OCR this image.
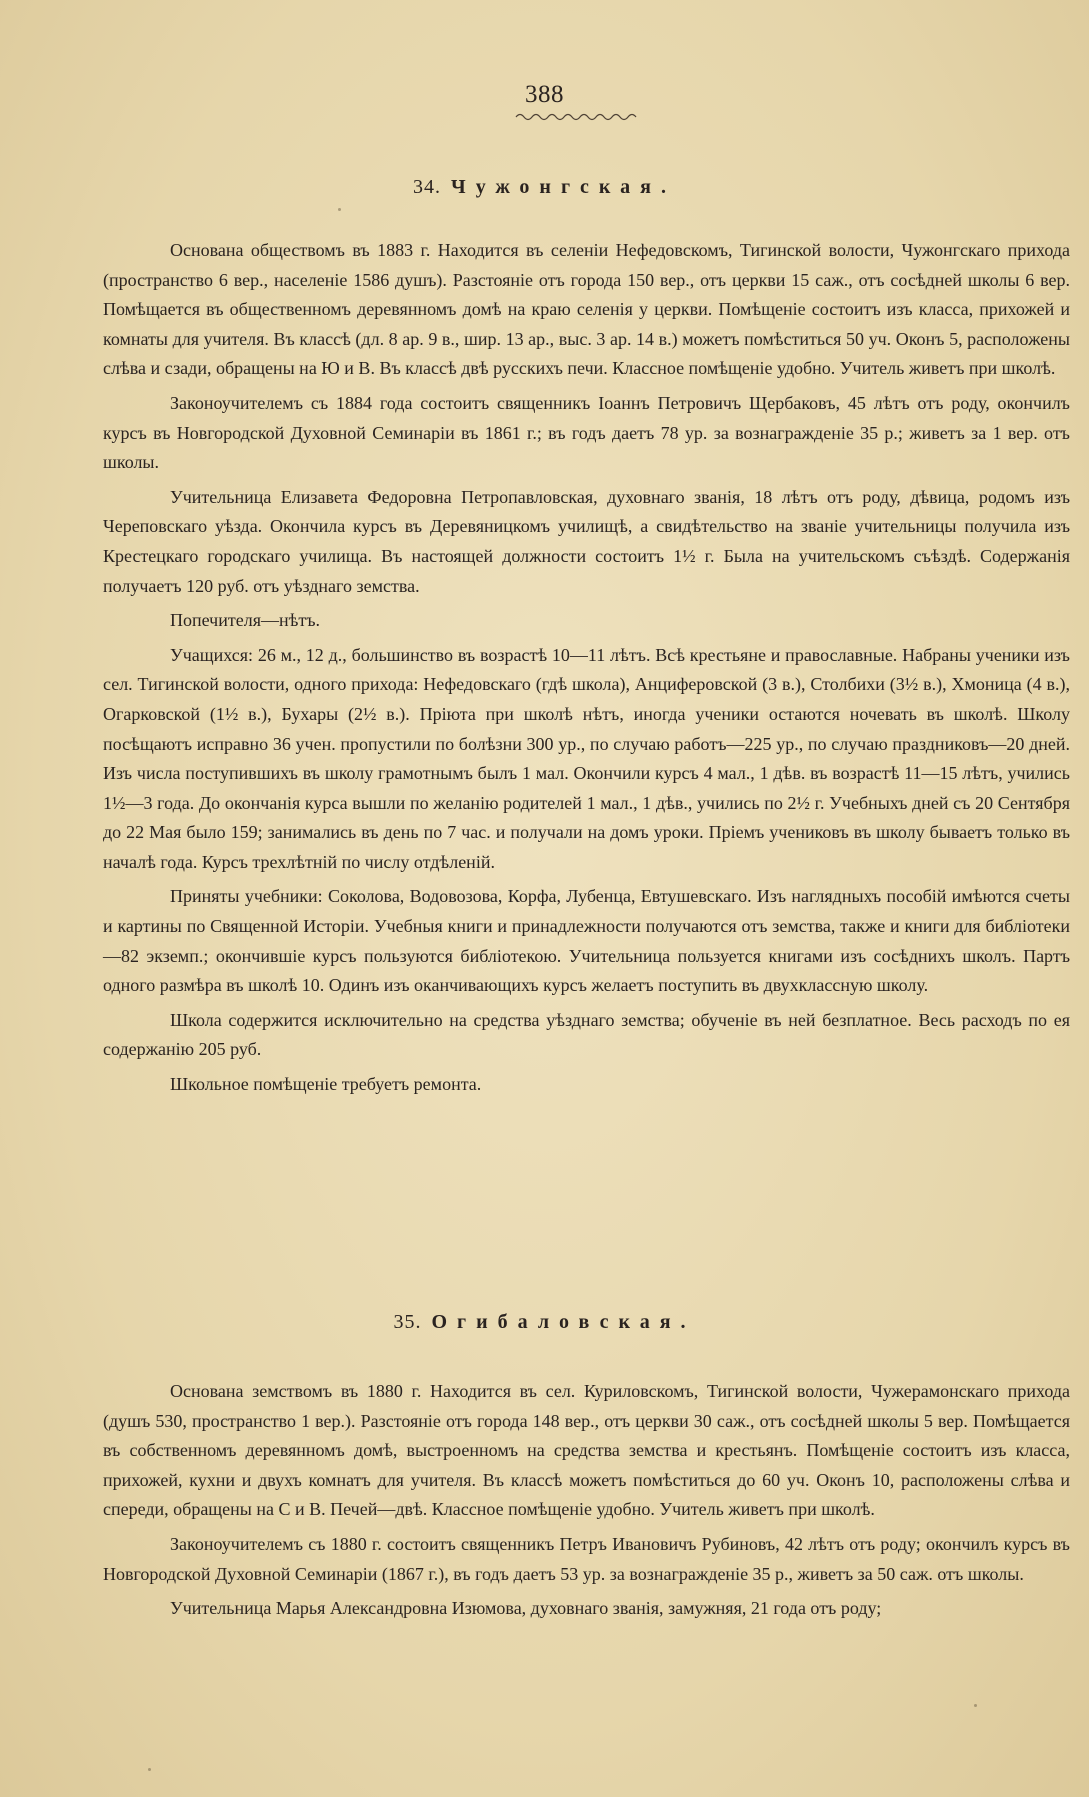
388
34. Чужонгская.

Основана обществомъ въ 1883 г. Находится въ селеніи Нефедовскомъ, Тигинской волости, Чужонгскаго прихода (пространство 6 вер., населеніе 1586 душъ). Разстояніе отъ города 150 вер., отъ церкви 15 саж., отъ сосѣдней школы 6 вер. Помѣщается въ общественномъ деревянномъ домѣ на краю селенія у церкви. Помѣщеніе состоитъ изъ класса, прихожей и комнаты для учителя. Въ классѣ (дл. 8 ар. 9 в., шир. 13 ар., выс. 3 ар. 14 в.) можетъ помѣститься 50 уч. Оконъ 5, расположены слѣва и сзади, обращены на Ю и В. Въ классѣ двѣ русскихъ печи. Классное помѣщеніе удобно. Учитель живетъ при школѣ.

Законоучителемъ съ 1884 года состоитъ священникъ Іоаннъ Петровичъ Щербаковъ, 45 лѣтъ отъ роду, окончилъ курсъ въ Новгородской Духовной Семинаріи въ 1861 г.; въ годъ даетъ 78 ур. за вознагражденіе 35 р.; живетъ за 1 вер. отъ школы.

Учительница Елизавета Федоровна Петропавловская, духовнаго званія, 18 лѣтъ отъ роду, дѣвица, родомъ изъ Череповскаго уѣзда. Окончила курсъ въ Деревяницкомъ училищѣ, а свидѣтельство на званіе учительницы получила изъ Крестецкаго городскаго училища. Въ настоящей должности состоитъ 1½ г. Была на учительскомъ съѣздѣ. Содержанія получаетъ 120 руб. отъ уѣзднаго земства.

Попечителя—нѣтъ.

Учащихся: 26 м., 12 д., большинство въ возрастѣ 10—11 лѣтъ. Всѣ крестьяне и православные. Набраны ученики изъ сел. Тигинской волости, одного прихода: Нефедовскаго (гдѣ школа), Анциферовской (3 в.), Столбихи (3½ в.), Хмоница (4 в.), Огарковской (1½ в.), Бухары (2½ в.). Пріюта при школѣ нѣтъ, иногда ученики остаются ночевать въ школѣ. Школу посѣщаютъ исправно 36 учен. пропустили по болѣзни 300 ур., по случаю работъ—225 ур., по случаю праздниковъ—20 дней. Изъ числа поступившихъ въ школу грамотнымъ былъ 1 мал. Окончили курсъ 4 мал., 1 дѣв. въ возрастѣ 11—15 лѣтъ, учились 1½—3 года. До окончанія курса вышли по желанію родителей 1 мал., 1 дѣв., учились по 2½ г. Учебныхъ дней съ 20 Сентября до 22 Мая было 159; занимались въ день по 7 час. и получали на домъ уроки. Пріемъ учениковъ въ школу бываетъ только въ началѣ года. Курсъ трехлѣтній по числу отдѣленій.

Приняты учебники: Соколова, Водовозова, Корфа, Лубенца, Евтушевскаго. Изъ наглядныхъ пособій имѣются счеты и картины по Священной Исторіи. Учебныя книги и принадлежности получаются отъ земства, также и книги для библіотеки—82 экземп.; окончившіе курсъ пользуются библіотекою. Учительница пользуется книгами изъ сосѣднихъ школъ. Партъ одного размѣра въ школѣ 10. Одинъ изъ оканчивающихъ курсъ желаетъ поступить въ двухклассную школу.

Школа содержится исключительно на средства уѣзднаго земства; обученіе въ ней безплатное. Весь расходъ по ея содержанію 205 руб.

Школьное помѣщеніе требуетъ ремонта.

35. Огибаловская.

Основана земствомъ въ 1880 г. Находится въ сел. Куриловскомъ, Тигинской волости, Чужерамонскаго прихода (душъ 530, пространство 1 вер.). Разстояніе отъ города 148 вер., отъ церкви 30 саж., отъ сосѣдней школы 5 вер. Помѣщается въ собственномъ деревянномъ домѣ, выстроенномъ на средства земства и крестьянъ. Помѣщеніе состоитъ изъ класса, прихожей, кухни и двухъ комнатъ для учителя. Въ классѣ можетъ помѣститься до 60 уч. Оконъ 10, расположены слѣва и спереди, обращены на С и В. Печей—двѣ. Классное помѣщеніе удобно. Учитель живетъ при школѣ.

Законоучителемъ съ 1880 г. состоитъ священникъ Петръ Ивановичъ Рубиновъ, 42 лѣтъ отъ роду; окончилъ курсъ въ Новгородской Духовной Семинаріи (1867 г.), въ годъ даетъ 53 ур. за вознагражденіе 35 р., живетъ за 50 саж. отъ школы.

Учительница Марья Александровна Изюмова, духовнаго званія, замужняя, 21 года отъ роду;
